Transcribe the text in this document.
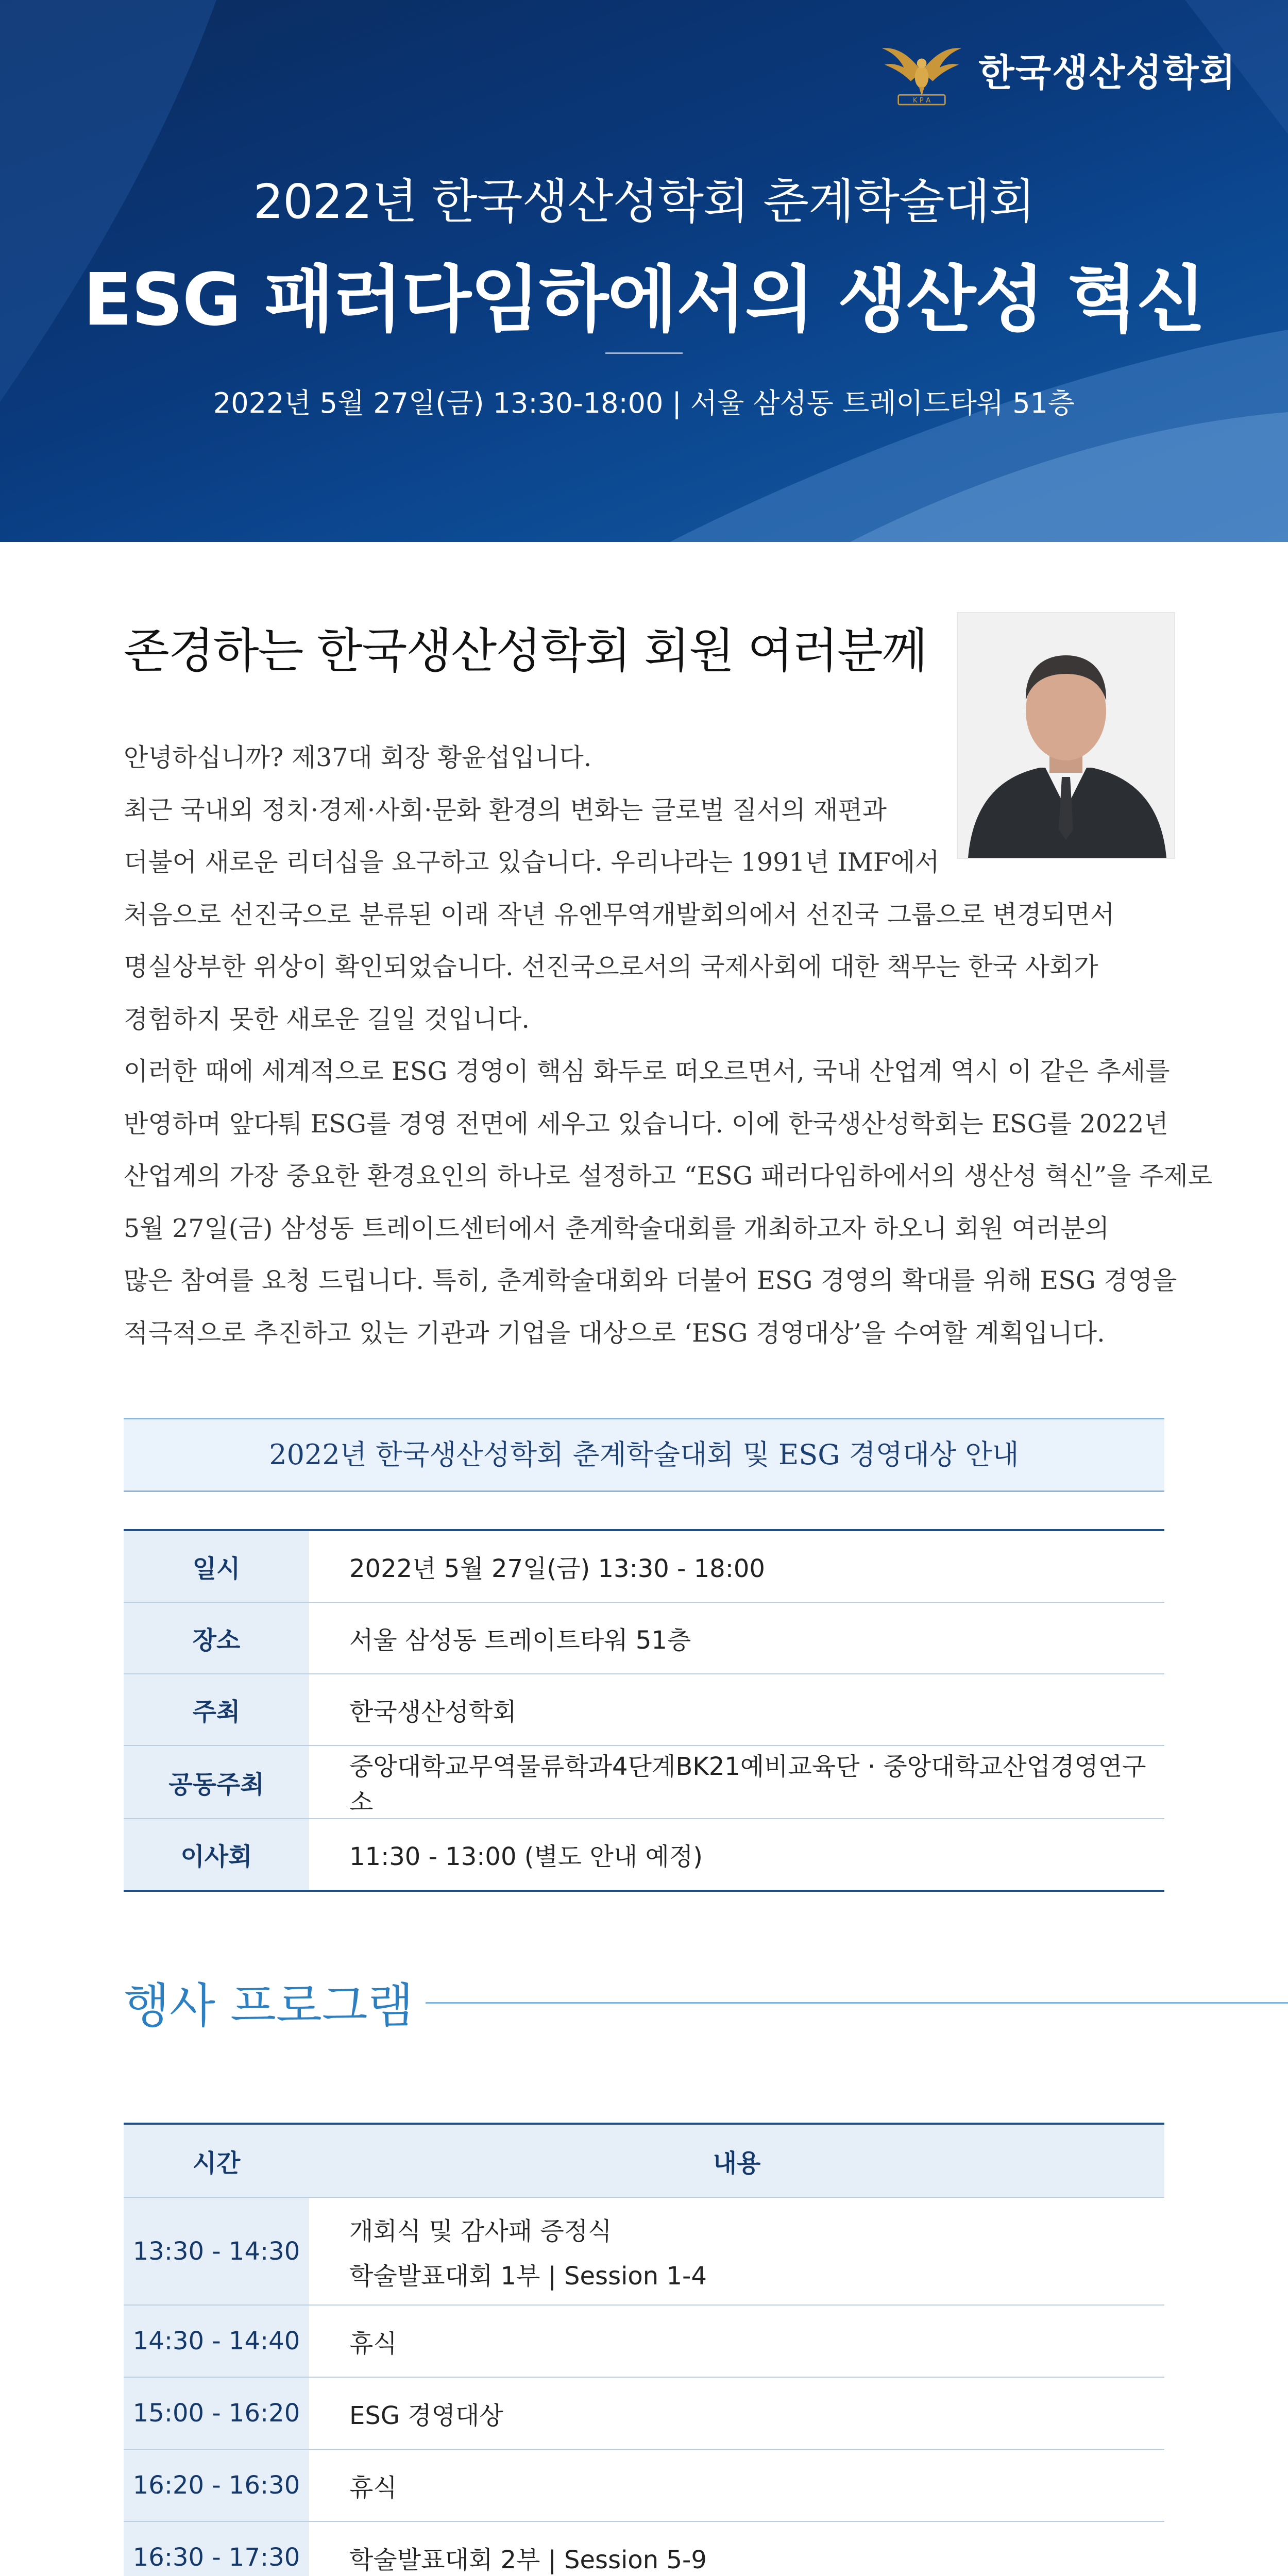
K P A
한국생산성학회
2022년 한국생산성학회 춘계학술대회
ESG 패러다임하에서의 생산성 혁신
2022년 5월 27일(금) 13:30-18:00 | 서울 삼성동 트레이드타워 51층
존경하는 한국생산성학회 회원 여러분께
안녕하십니까? 제37대 회장 황윤섭입니다.
최근 국내외 정치·경제·사회·문화 환경의 변화는 글로벌 질서의 재편과
더불어 새로운 리더십을 요구하고 있습니다. 우리나라는 1991년 IMF에서
처음으로 선진국으로 분류된 이래 작년 유엔무역개발회의에서 선진국 그룹으로 변경되면서
명실상부한 위상이 확인되었습니다. 선진국으로서의 국제사회에 대한 책무는 한국 사회가
경험하지 못한 새로운 길일 것입니다.
이러한 때에 세계적으로 ESG 경영이 핵심 화두로 떠오르면서, 국내 산업계 역시 이 같은 추세를
반영하며 앞다퉈 ESG를 경영 전면에 세우고 있습니다. 이에 한국생산성학회는 ESG를 2022년
산업계의 가장 중요한 환경요인의 하나로 설정하고 “ESG 패러다임하에서의 생산성 혁신”을 주제로
5월 27일(금) 삼성동 트레이드센터에서 춘계학술대회를 개최하고자 하오니 회원 여러분의
많은 참여를 요청 드립니다. 특히, 춘계학술대회와 더불어 ESG 경영의 확대를 위해 ESG 경영을
적극적으로 추진하고 있는 기관과 기업을 대상으로 ‘ESG 경영대상’을 수여할 계획입니다.
2022년 한국생산성학회 춘계학술대회 및 ESG 경영대상 안내
일시	2022년 5월 27일(금) 13:30 - 18:00
장소	서울 삼성동 트레이트타워 51층
주최	한국생산성학회
공동주최	중앙대학교무역물류학과4단계BK21예비교육단 · 중앙대학교산업경영연구소
이사회	11:30 - 13:00 (별도 안내 예정)
행사 프로그램
시간	내용
13:30 - 14:30	개회식 및 감사패 증정식
학술발표대회 1부 | Session 1-4

14:30 - 14:40	휴식
15:00 - 16:20	ESG 경영대상
16:20 - 16:30	휴식
16:30 - 17:30	학술발표대회 2부 | Session 5-9
